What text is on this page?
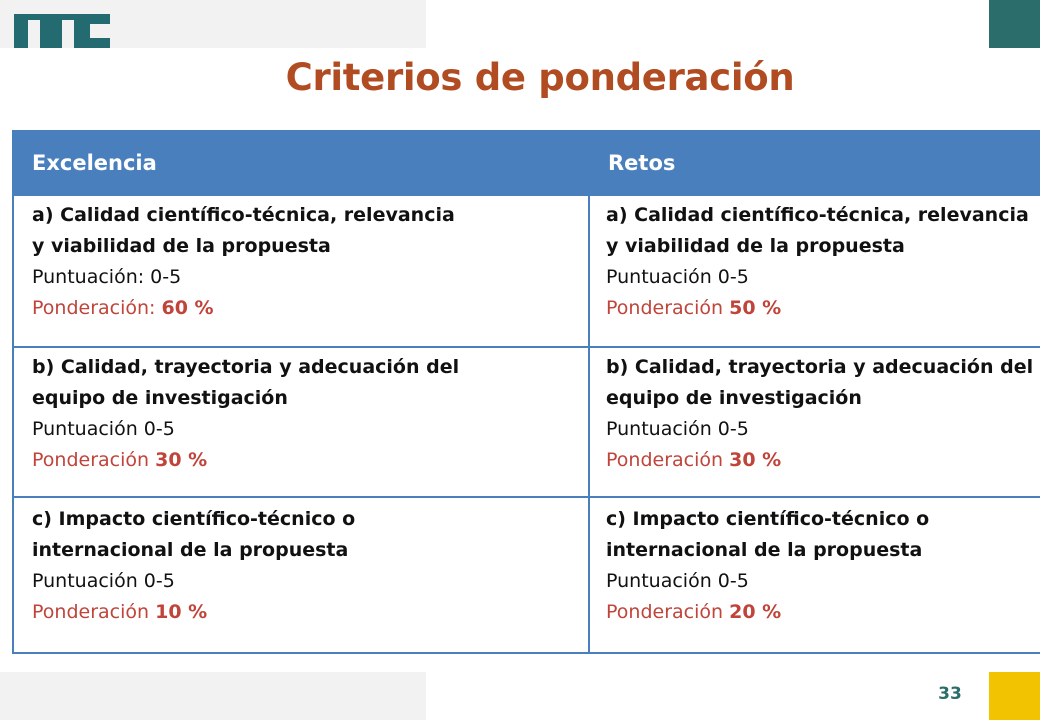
Criterios de ponderación
Excelencia	Retos
a) Calidad científico-técnica, relevancia
y viabilidad de la propuesta
Puntuación: 0-5
Ponderación: 60 %
a) Calidad científico-técnica, relevancia
y viabilidad de la propuesta
Puntuación 0-5
Ponderación 50 %
b) Calidad, trayectoria y adecuación del
equipo de investigación
Puntuación 0-5
Ponderación 30 %
b) Calidad, trayectoria y adecuación del
equipo de investigación
Puntuación 0-5
Ponderación 30 %
c) Impacto científico-técnico o
internacional de la propuesta
Puntuación 0-5
Ponderación 10 %
c) Impacto científico-técnico o
internacional de la propuesta
Puntuación 0-5
Ponderación 20 %
33
